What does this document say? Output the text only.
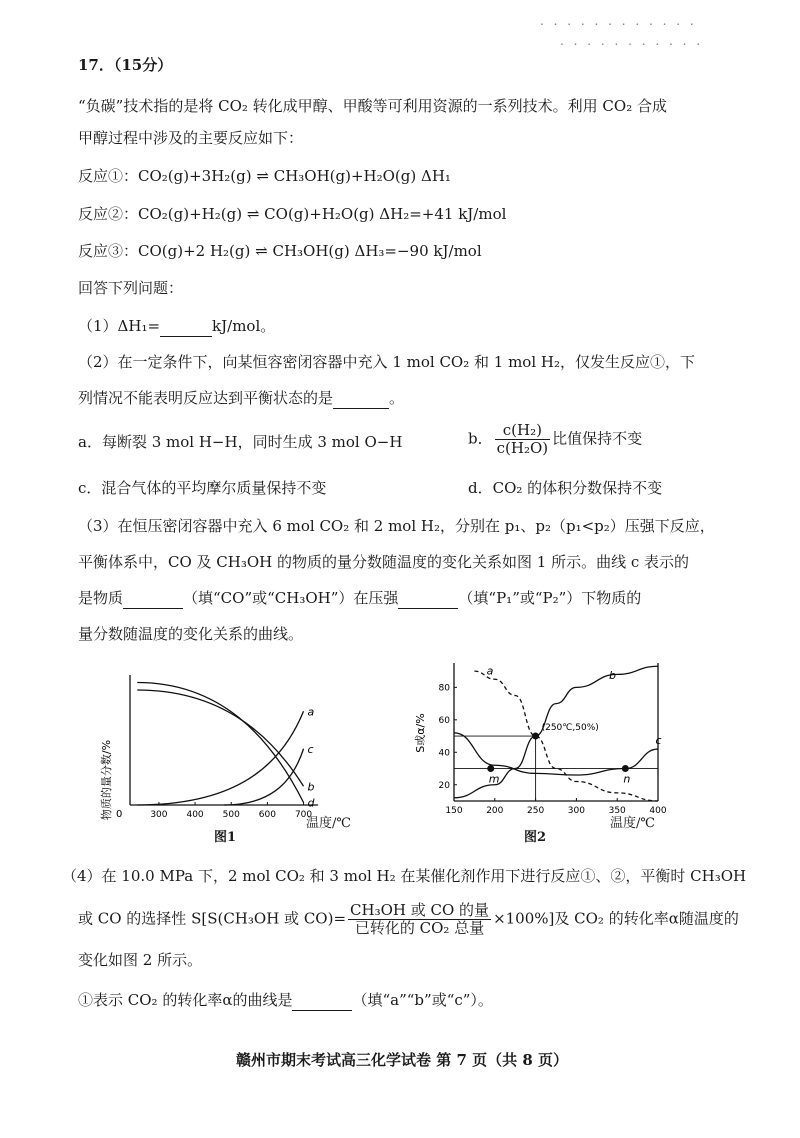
. . . . . . . . . . . .
. . . . . . . . . . .
17．（15分）
“负碳”技术指的是将 CO₂ 转化成甲醇、甲酸等可利用资源的一系列技术。利用 CO₂ 合成
甲醇过程中涉及的主要反应如下：
反应①：CO₂(g)+3H₂(g) ⇌ CH₃OH(g)+H₂O(g) ΔH₁
反应②：CO₂(g)+H₂(g) ⇌ CO(g)+H₂O(g) ΔH₂=+41 kJ/mol
反应③：CO(g)+2 H₂(g) ⇌ CH₃OH(g) ΔH₃=−90 kJ/mol
回答下列问题：
（1）ΔH₁=	kJ/mol。
（2）在一定条件下，向某恒容密闭容器中充入 1 mol CO₂ 和 1 mol H₂，仅发生反应①，下
列情况不能表明反应达到平衡状态的是	。
a．每断裂 3 mol H−H，同时生成 3 mol O−H	b． $\frac{\text{c(H₂)}}{\text{c(H₂O)}}$ 比值保持不变
c．混合气体的平均摩尔质量保持不变	d．CO₂ 的体积分数保持不变
（3）在恒压密闭容器中充入 6 mol CO₂ 和 2 mol H₂，分别在 p₁、p₂（p₁<p₂）压强下反应，
平衡体系中，CO 及 CH₃OH 的物质的量分数随温度的变化关系如图 1 所示。曲线 c 表示的
是物质	（填“CO”或“CH₃OH”）在压强	（填“P₁”或“P₂”）下物质的
量分数随温度的变化关系的曲线。
物质的量分数/% 0	300 400 500 600 700
a
b
c
d
图1
温度/℃
S或α/%
150	200	250	300	350	400
20
40
60
80
a	b
c
m	n
(250℃,50%)
图2
温度/℃
（4）在 10.0 MPa 下，2 mol CO₂ 和 3 mol H₂ 在某催化剂作用下进行反应①、②，平衡时 CH₃OH
或 CO 的选择性 S[S(CH₃OH 或 $CO)= \frac{\text{CH₃OH 或 CO 的量}}{\text{已转化的 CO₂ 总量}} \times 100\%$]及 CO₂ 的转化率α随温度的
变化如图 2 所示。
①表示 CO₂ 的转化率α的曲线是	（填“a”“b”或“c”）。
赣州市期末考试高三化学试卷 第 7 页（共 8 页）
